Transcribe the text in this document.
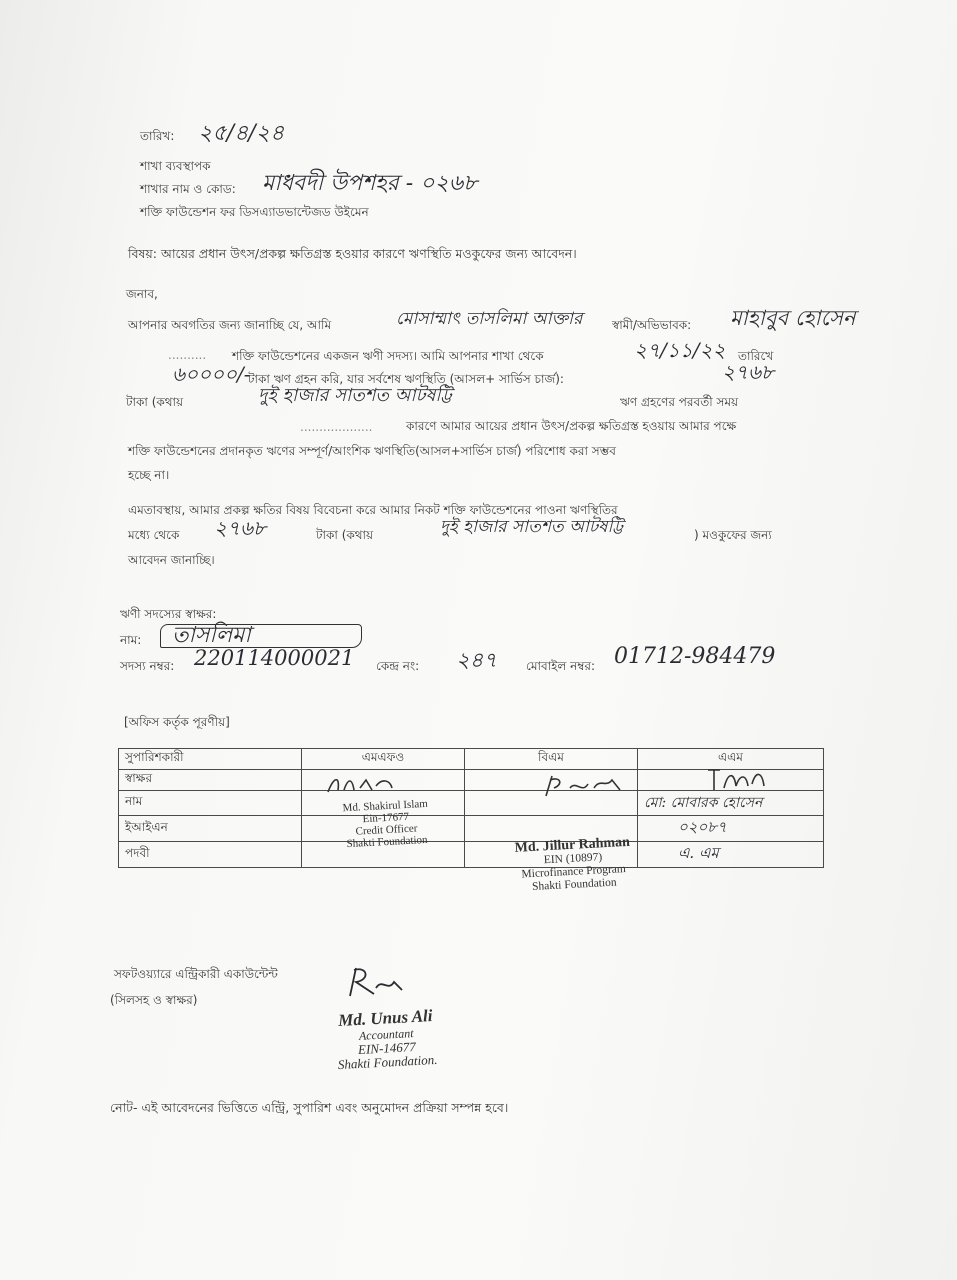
তারিখ: ২৫/৪/২৪
শাখা ব্যবস্থাপক
শাখার নাম ও কোড: মাধবদী উপশহর - ০২৬৮
শক্তি ফাউন্ডেশন ফর ডিসএ্যাডভান্টেজড উইমেন
বিষয়: আয়ের প্রধান উৎস/প্রকল্প ক্ষতিগ্রস্ত হওয়ার কারণে ঋণস্থিতি মওকুফের জন্য আবেদন।
জনাব,
আপনার অবগতির জন্য জানাচ্ছি যে, আমি	মোসাম্মাৎ তাসলিমা আক্তার স্বামী/অভিভাবক: মাহাবুব হোসেন
.......... শক্তি ফাউন্ডেশনের একজন ঋণী সদস্য। আমি আপনার শাখা থেকে	২৭/১১/২২ তারিখে
৬০০০০/-
টাকা ঋণ গ্রহন করি, যার সর্বশেষ ঋণস্থিতি (আসল+ সার্ভিস চার্জ):	২৭৬৮
টাকা (কথায়	দুই হাজার সাতশত আটষট্টি	ঋণ গ্রহণের পরবর্তী সময়
...................	কারণে আমার আয়ের প্রধান উৎস/প্রকল্প ক্ষতিগ্রস্ত হওয়ায় আমার পক্ষে
শক্তি ফাউন্ডেশনের প্রদানকৃত ঋণের সম্পূর্ণ/আংশিক ঋণস্থিতি(আসল+সার্ভিস চার্জ) পরিশোধ করা সম্ভব
হচ্ছে না।
এমতাবস্থায়, আমার প্রকল্প ক্ষতির বিষয় বিবেচনা করে আমার নিকট শক্তি ফাউন্ডেশনের পাওনা ঋণস্থিতির
মধ্যে থেকে ২৭৬৮	টাকা (কথায়	দুই হাজার সাতশত আটষট্টি	) মওকুফের জন্য
আবেদন জানাচ্ছি।
ঋণী সদস্যের স্বাক্ষর:
নাম: তাসলিমা
সদস্য নম্বর: 220114000021 কেন্দ্র নং: ২৪৭ মোবাইল নম্বর: 01712-984479
[অফিস কর্তৃক পূরণীয়]
সুপারিশকারী	এমএফও	বিএম	এএম
স্বাক্ষর			
নাম			মো: মোবারক হোসেন
ইআইএন			০২০৮৭
পদবী			এ. এম
Md. Shakirul Islam
Ein-17677
Credit Officer
Shakti Foundation	Md. Jillur Rahman
EIN (10897)
Microfinance Program
Shakti Foundation
সফটওয়্যারে এন্ট্রিকারী একাউন্টেন্ট
(সিলসহ ও স্বাক্ষর)
Md. Unus Ali
Accountant
EIN-14677
Shakti Foundation.
নোট- এই আবেদনের ভিত্তিতে এন্ট্রি, সুপারিশ এবং অনুমোদন প্রক্রিয়া সম্পন্ন হবে।
